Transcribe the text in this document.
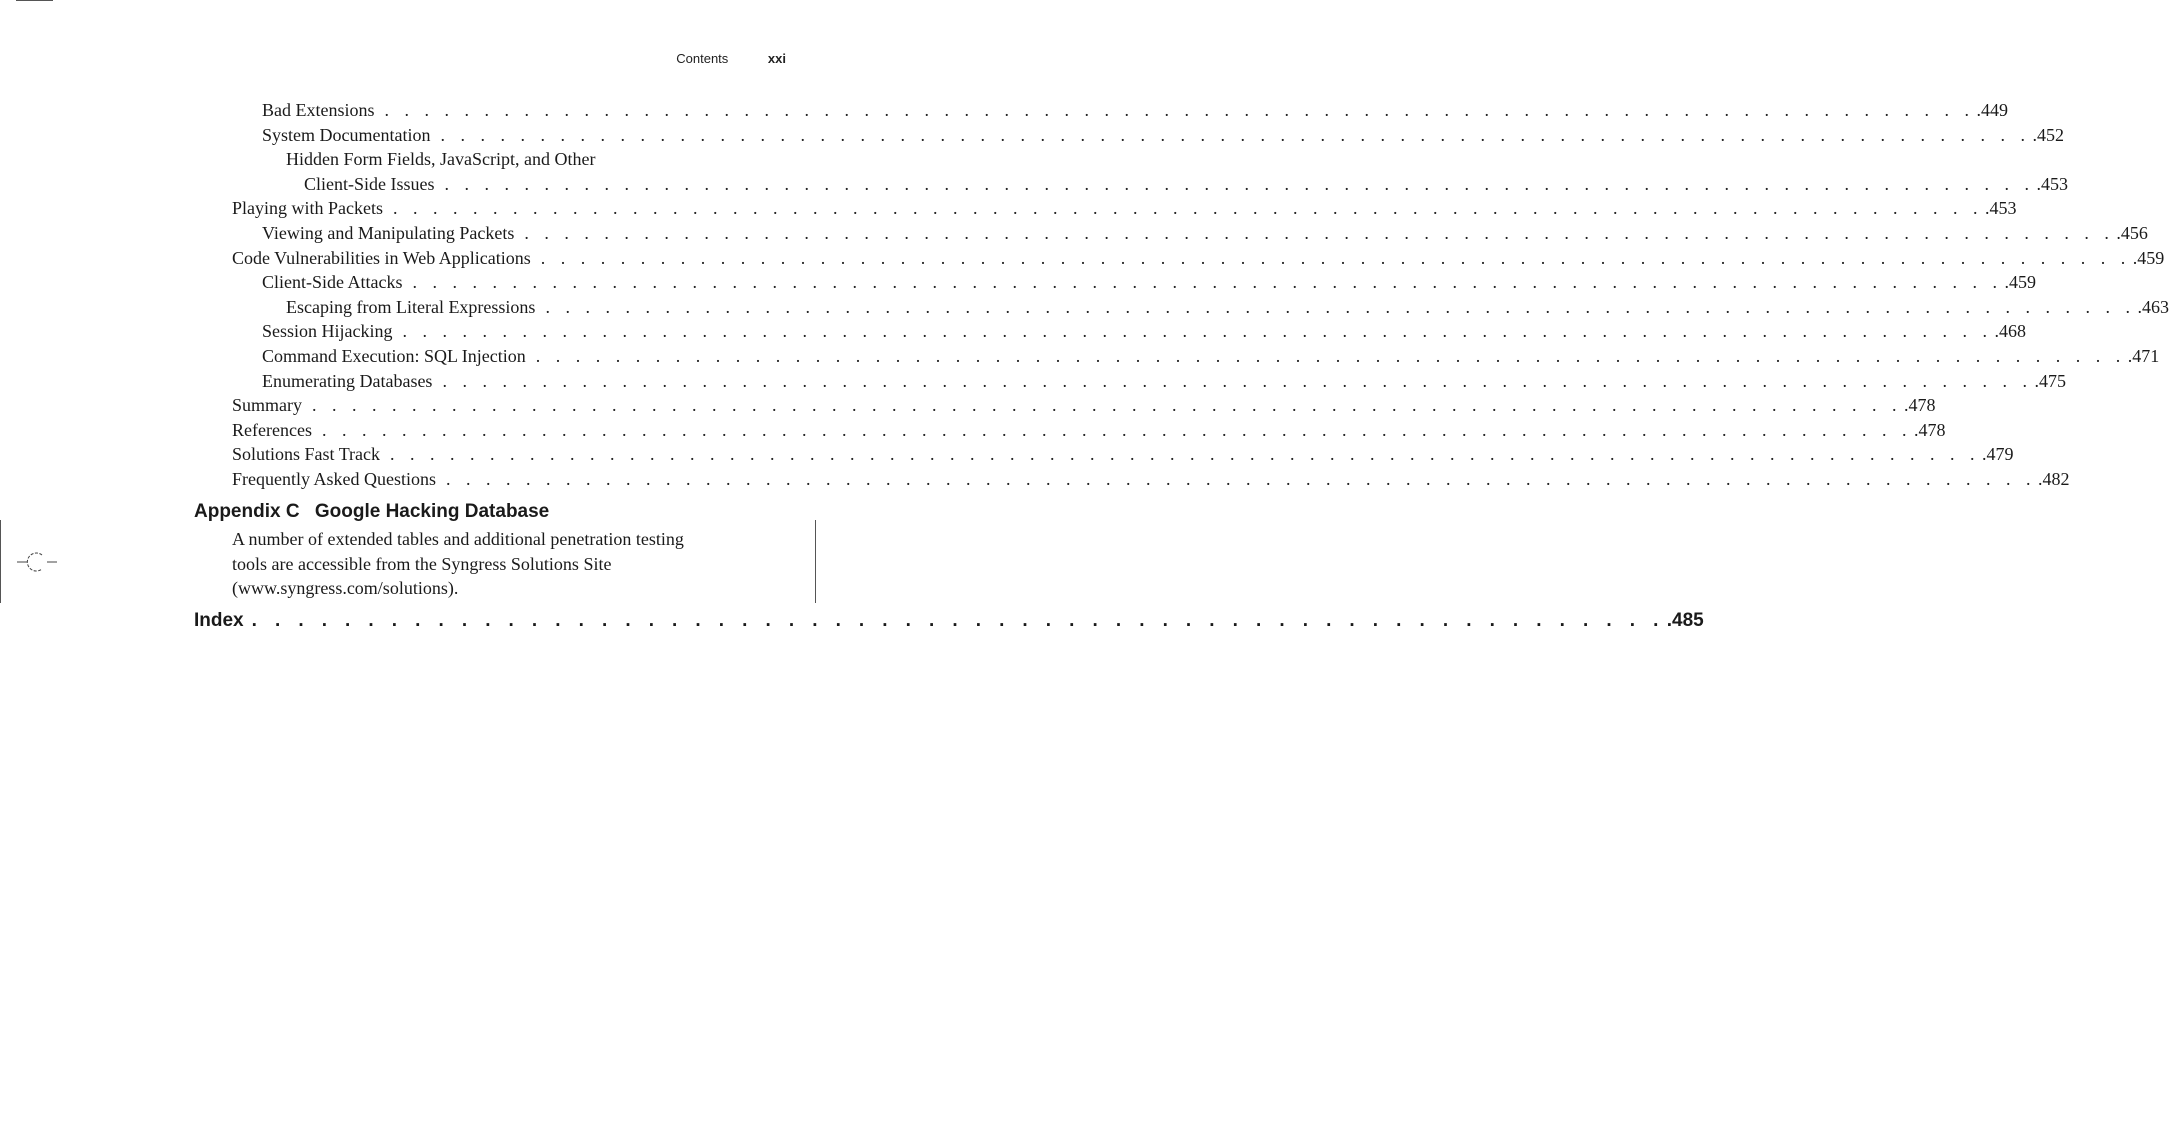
Contents	xxi
Bad Extensions . . . . . . . . . . . . . . . . . . . . . . . . . . . . . . . . . . . . . . . . . . . . . . . . . . . . . . . . . . . . . . . . . . . . . . . . . . . . . . . . .449
System Documentation . . . . . . . . . . . . . . . . . . . . . . . . . . . . . . . . . . . . . . . . . . . . . . . . . . . . . . . . . . . . . . . . . . . . . . . . . . . . . . . . .452
Hidden Form Fields, JavaScript, and Other
Client-Side Issues . . . . . . . . . . . . . . . . . . . . . . . . . . . . . . . . . . . . . . . . . . . . . . . . . . . . . . . . . . . . . . . . . . . . . . . . . . . . . . . . .453
Playing with Packets . . . . . . . . . . . . . . . . . . . . . . . . . . . . . . . . . . . . . . . . . . . . . . . . . . . . . . . . . . . . . . . . . . . . . . . . . . . . . . . . .453
Viewing and Manipulating Packets . . . . . . . . . . . . . . . . . . . . . . . . . . . . . . . . . . . . . . . . . . . . . . . . . . . . . . . . . . . . . . . . . . . . . . . . . . . . . . . . .456
Code Vulnerabilities in Web Applications . . . . . . . . . . . . . . . . . . . . . . . . . . . . . . . . . . . . . . . . . . . . . . . . . . . . . . . . . . . . . . . . . . . . . . . . . . . . . . . . .459
Client-Side Attacks . . . . . . . . . . . . . . . . . . . . . . . . . . . . . . . . . . . . . . . . . . . . . . . . . . . . . . . . . . . . . . . . . . . . . . . . . . . . . . . . .459
Escaping from Literal Expressions . . . . . . . . . . . . . . . . . . . . . . . . . . . . . . . . . . . . . . . . . . . . . . . . . . . . . . . . . . . . . . . . . . . . . . . . . . . . . . . . .463
Session Hijacking . . . . . . . . . . . . . . . . . . . . . . . . . . . . . . . . . . . . . . . . . . . . . . . . . . . . . . . . . . . . . . . . . . . . . . . . . . . . . . . . .468
Command Execution: SQL Injection . . . . . . . . . . . . . . . . . . . . . . . . . . . . . . . . . . . . . . . . . . . . . . . . . . . . . . . . . . . . . . . . . . . . . . . . . . . . . . . . .471
Enumerating Databases . . . . . . . . . . . . . . . . . . . . . . . . . . . . . . . . . . . . . . . . . . . . . . . . . . . . . . . . . . . . . . . . . . . . . . . . . . . . . . . . .475
Summary . . . . . . . . . . . . . . . . . . . . . . . . . . . . . . . . . . . . . . . . . . . . . . . . . . . . . . . . . . . . . . . . . . . . . . . . . . . . . . . . .478
References . . . . . . . . . . . . . . . . . . . . . . . . . . . . . . . . . . . . . . . . . . . . . . . . . . . . . . . . . . . . . . . . . . . . . . . . . . . . . . . . .478
Solutions Fast Track . . . . . . . . . . . . . . . . . . . . . . . . . . . . . . . . . . . . . . . . . . . . . . . . . . . . . . . . . . . . . . . . . . . . . . . . . . . . . . . . .479
Frequently Asked Questions . . . . . . . . . . . . . . . . . . . . . . . . . . . . . . . . . . . . . . . . . . . . . . . . . . . . . . . . . . . . . . . . . . . . . . . . . . . . . . . . .482
Appendix C Google Hacking Database
A number of extended tables and additional penetration testing
tools are accessible from the Syngress Solutions Site
(www.syngress.com/solutions).
Index . . . . . . . . . . . . . . . . . . . . . . . . . . . . . . . . . . . . . . . . . . . . . . . . . . . . . . . . . . . . . .485
